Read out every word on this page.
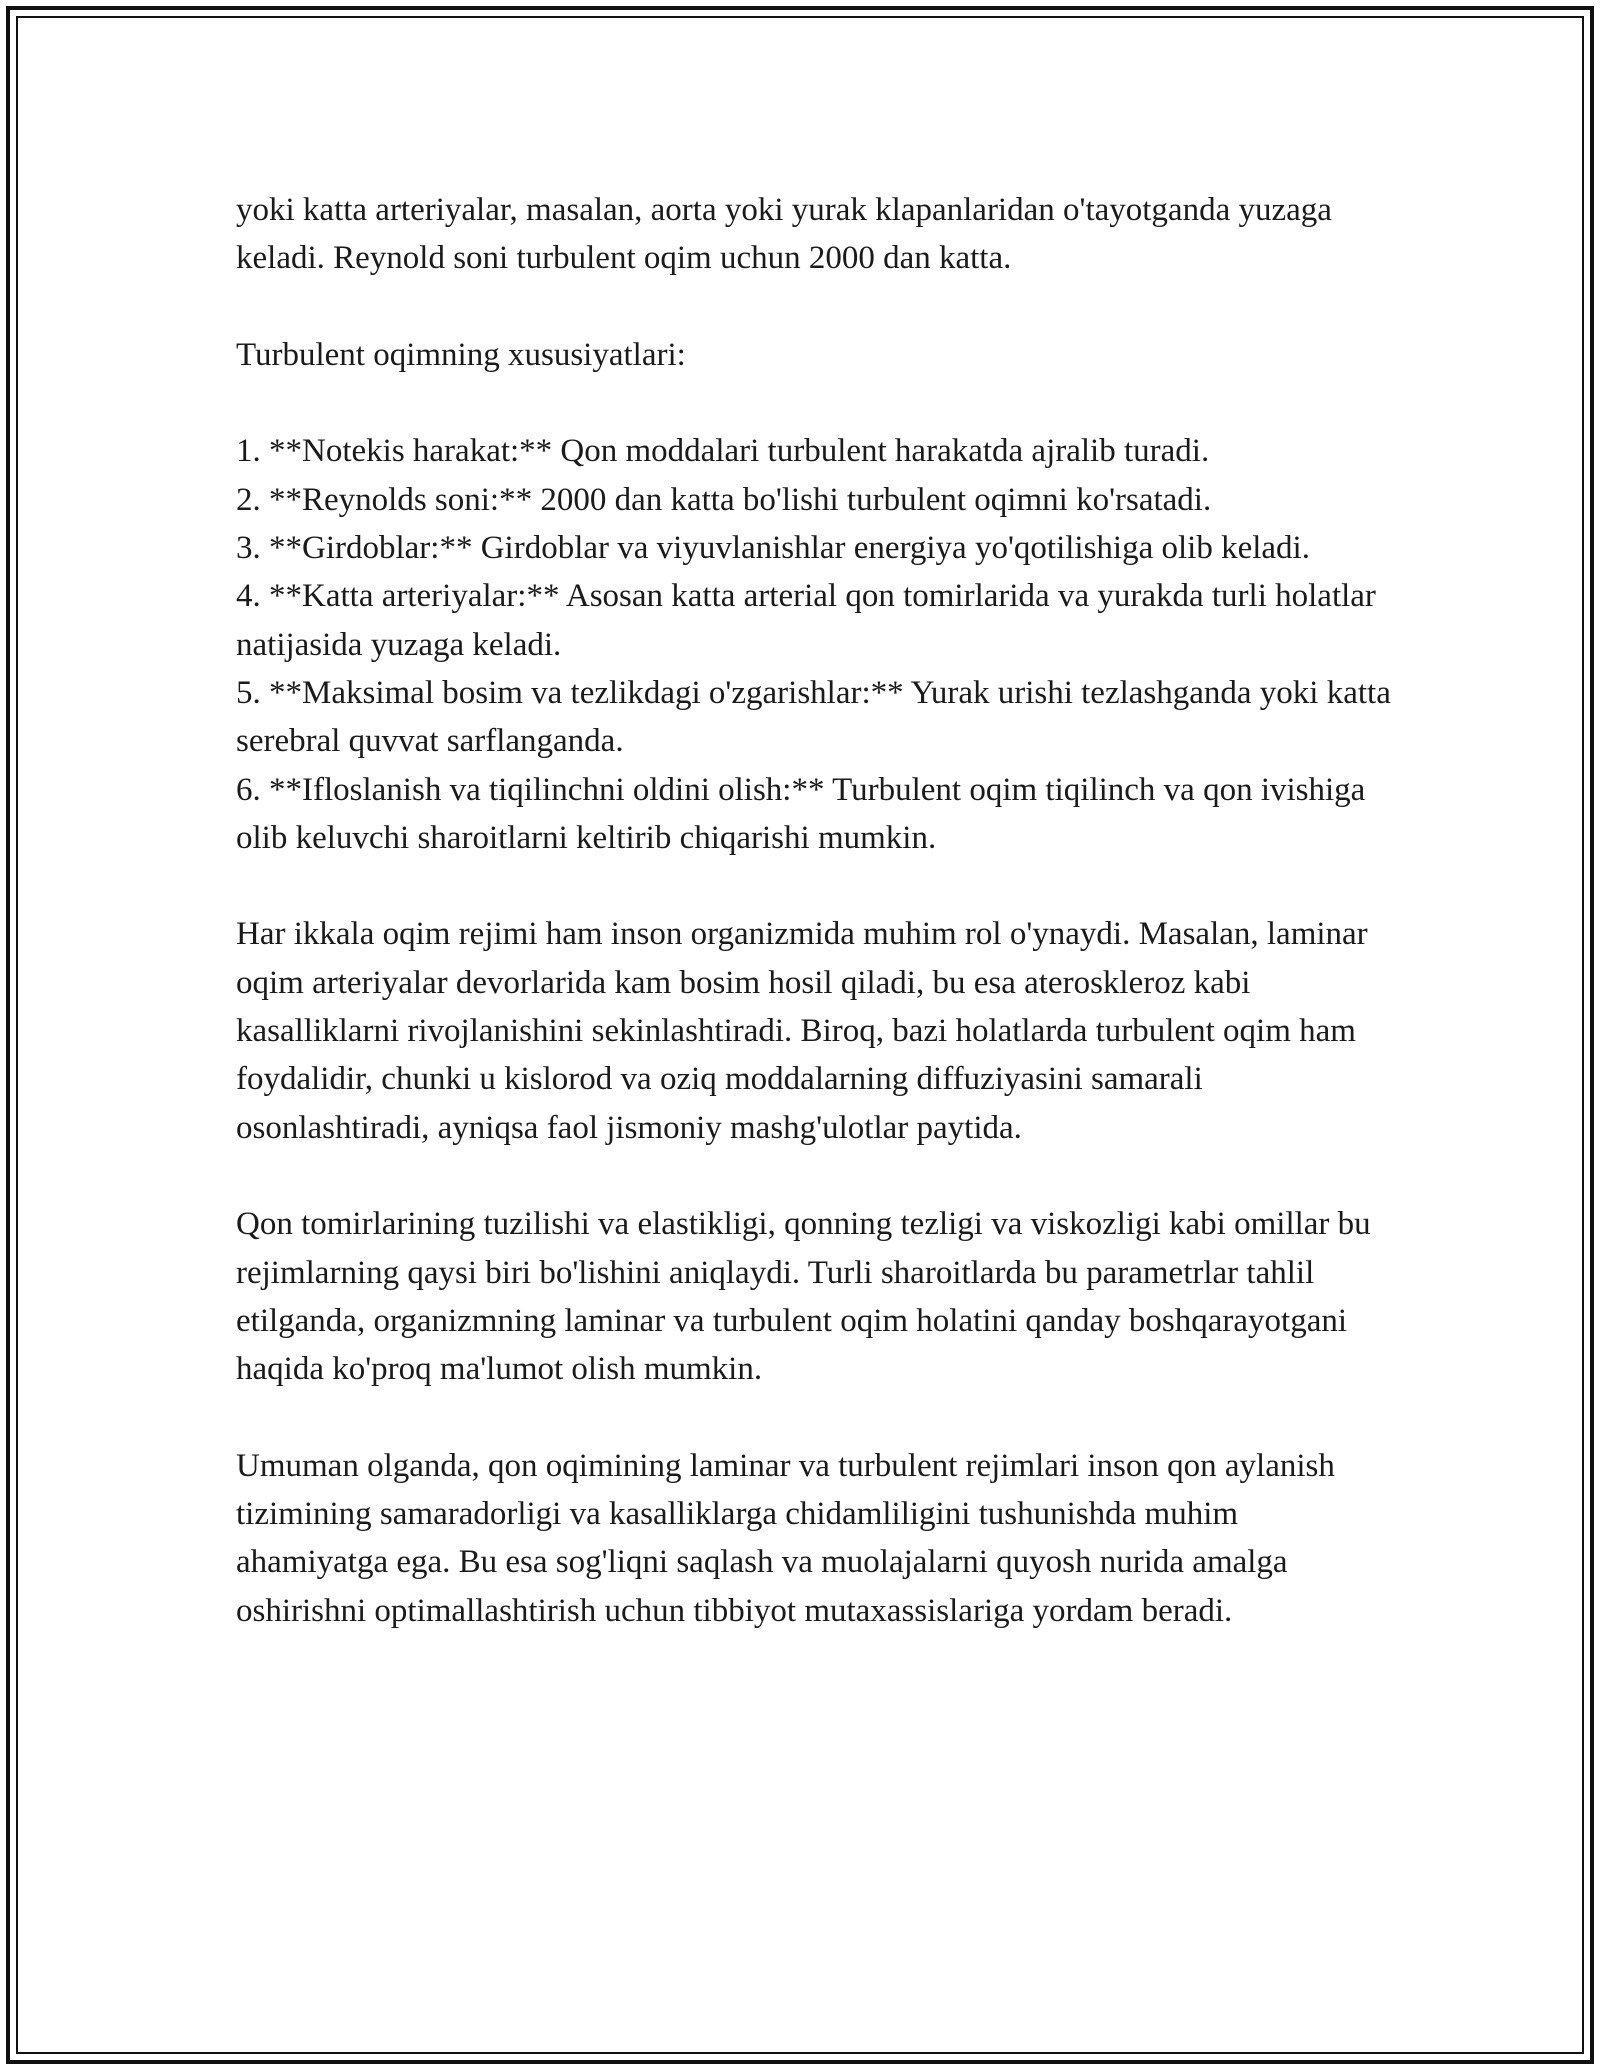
yoki katta arteriyalar, masalan, aorta yoki yurak klapanlaridan o'tayotganda yuzaga keladi. Reynold soni turbulent oqim uchun 2000 dan katta.

Turbulent oqimning xususiyatlari:

1. **Notekis harakat:** Qon moddalari turbulent harakatda ajralib turadi.

2. **Reynolds soni:** 2000 dan katta bo'lishi turbulent oqimni ko'rsatadi.

3. **Girdoblar:** Girdoblar va viyuvlanishlar energiya yo'qotilishiga olib keladi.

4. **Katta arteriyalar:** Asosan katta arterial qon tomirlarida va yurakda turli holatlar natijasida yuzaga keladi.

5. **Maksimal bosim va tezlikdagi o'zgarishlar:** Yurak urishi tezlashganda yoki katta serebral quvvat sarflanganda.

6. **Ifloslanish va tiqilinchni oldini olish:** Turbulent oqim tiqilinch va qon ivishiga olib keluvchi sharoitlarni keltirib chiqarishi mumkin.

Har ikkala oqim rejimi ham inson organizmida muhim rol o'ynaydi. Masalan, laminar oqim arteriyalar devorlarida kam bosim hosil qiladi, bu esa ateroskleroz kabi kasalliklarni rivojlanishini sekinlashtiradi. Biroq, bazi holatlarda turbulent oqim ham foydalidir, chunki u kislorod va oziq moddalarning diffuziyasini samarali osonlashtiradi, ayniqsa faol jismoniy mashg'ulotlar paytida.

Qon tomirlarining tuzilishi va elastikligi, qonning tezligi va viskozligi kabi omillar bu rejimlarning qaysi biri bo'lishini aniqlaydi. Turli sharoitlarda bu parametrlar tahlil etilganda, organizmning laminar va turbulent oqim holatini qanday boshqarayotgani haqida ko'proq ma'lumot olish mumkin.

Umuman olganda, qon oqimining laminar va turbulent rejimlari inson qon aylanish tizimining samaradorligi va kasalliklarga chidamliligini tushunishda muhim ahamiyatga ega. Bu esa sog'liqni saqlash va muolajalarni quyosh nurida amalga oshirishni optimallashtirish uchun tibbiyot mutaxassislariga yordam beradi.
